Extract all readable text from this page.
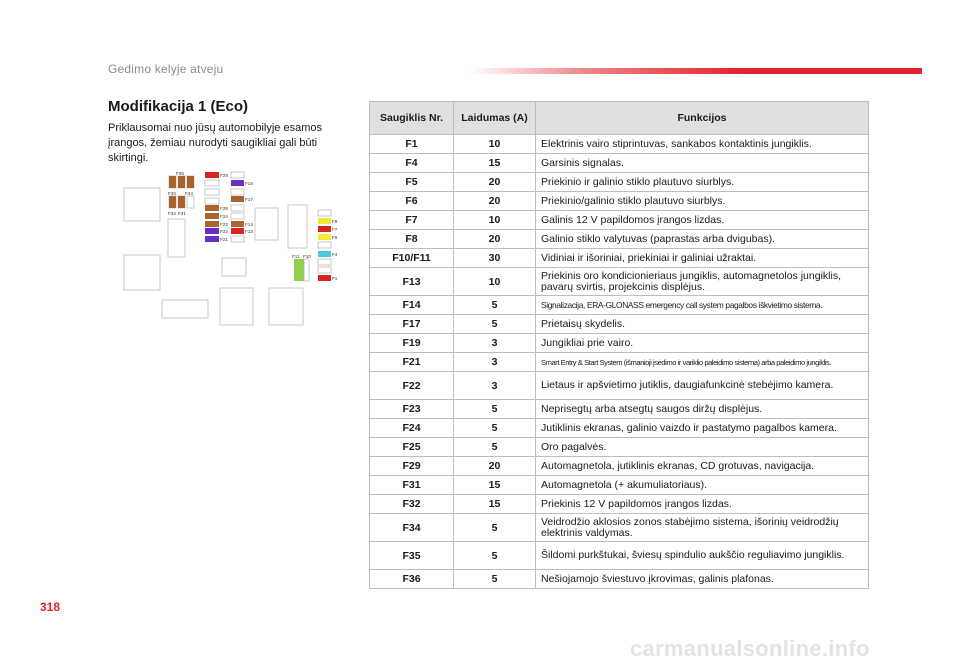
Gedimo kelyje atveju
Modifikacija 1 (Eco)
Priklausomai nuo jūsų automobilyje esamos įrangos, žemiau nurodyti saugikliai gali būti skirtingi.
F35
F30 F34
F32 F31
F29
F19
F17
F25
F24
F23	F14
F22	F13
F21
F8
F7
F6
F4
F11 F10
F1
Saugiklis Nr.	Laidumas (A)	Funkcijos
F1	10	Elektrinis vairo stiprintuvas, sankabos kontaktinis jungiklis.
F4	15	Garsinis signalas.
F5	20	Priekinio ir galinio stiklo plautuvo siurblys.
F6	20	Priekinio/galinio stiklo plautuvo siurblys.
F7	10	Galinis 12 V papildomos įrangos lizdas.
F8	20	Galinio stiklo valytuvas (paprastas arba dvigubas).
F10/F11	30	Vidiniai ir išoriniai, priekiniai ir galiniai užraktai.
F13	10	Priekinis oro kondicionieriaus jungiklis, automagnetolos jungiklis, pavarų svirtis, projekcinis displėjus.
F14	5	Signalizacija, ERA-GLONASS emergency call system pagalbos iškvietimo sistema.
F17	5	Prietaisų skydelis.
F19	3	Jungikliai prie vairo.
F21	3	Smart Entry & Start System (išmanioji įsėdimo ir variklio paleidimo sistema) arba paleidimo jungiklis.
F22	3	Lietaus ir apšvietimo jutiklis, daugiafunkcinė stebėjimo kamera.
F23	5	Neprisegtų arba atsegtų saugos diržų displėjus.
F24	5	Jutiklinis ekranas, galinio vaizdo ir pastatymo pagalbos kamera.
F25	5	Oro pagalvės.
F29	20	Automagnetola, jutiklinis ekranas, CD grotuvas, navigacija.
F31	15	Automagnetola (+ akumuliatoriaus).
F32	15	Priekinis 12 V papildomos įrangos lizdas.
F34	5	Veidrodžio aklosios zonos stabėjimo sistema, išorinių veidrodžių elektrinis valdymas.
F35	5	Šildomi purkštukai, šviesų spindulio aukščio reguliavimo jungiklis.
F36	5	Nešiojamojo šviestuvo įkrovimas, galinis plafonas.
318
carmanualsonline.info
